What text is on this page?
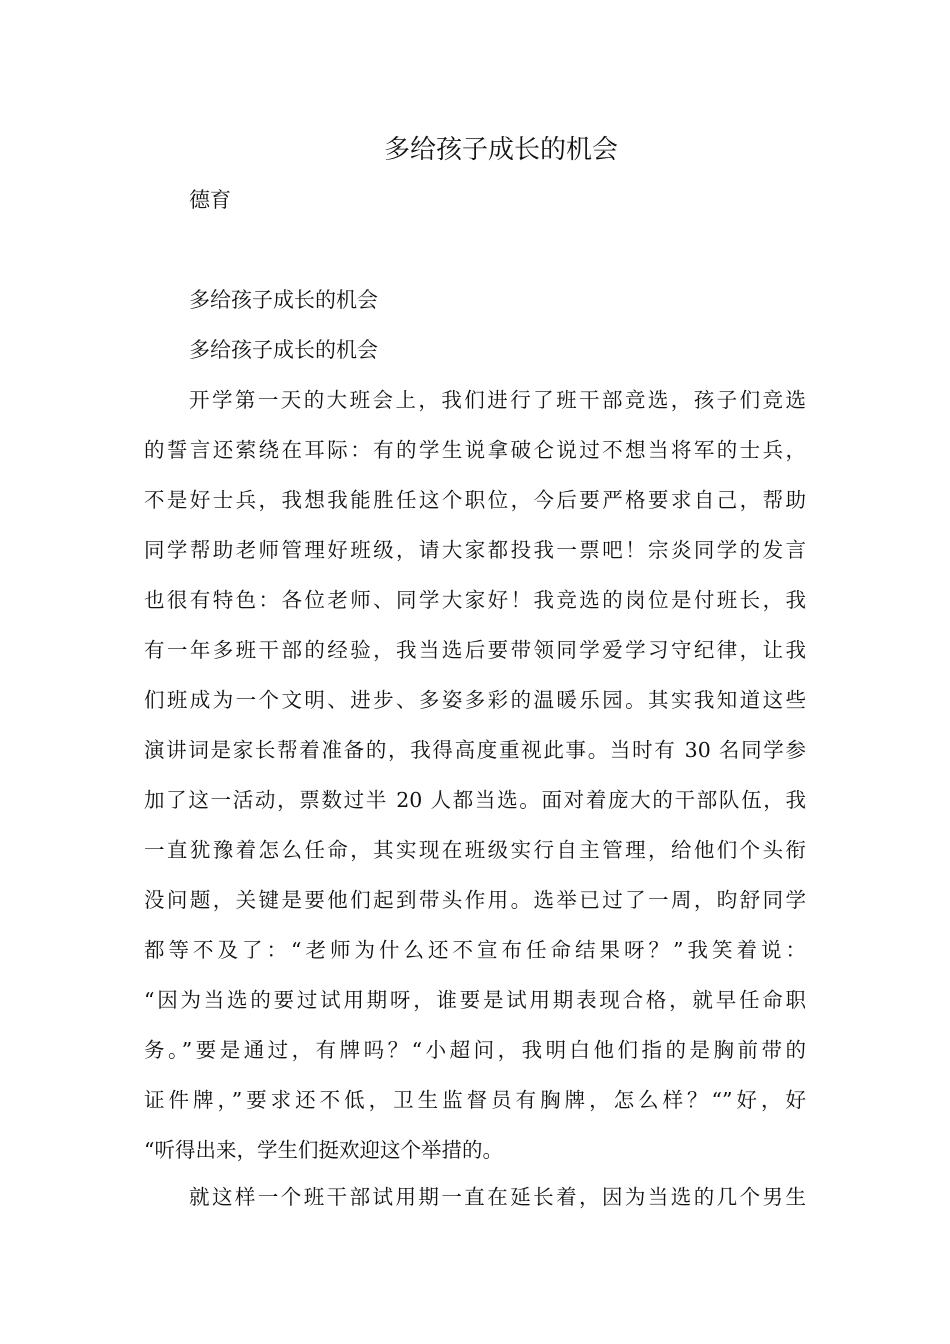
多给孩子成长的机会
德育
多给孩子成长的机会
多给孩子成长的机会
开学第一天的大班会上，我们进行了班干部竞选，孩子们竞选
的誓言还萦绕在耳际：有的学生说拿破仑说过不想当将军的士兵，
不是好士兵，我想我能胜任这个职位，今后要严格要求自己，帮助
同学帮助老师管理好班级，请大家都投我一票吧！宗炎同学的发言
也很有特色：各位老师、同学大家好！我竞选的岗位是付班长，我
有一年多班干部的经验，我当选后要带领同学爱学习守纪律，让我
们班成为一个文明、进步、多姿多彩的温暖乐园。其实我知道这些
演讲词是家长帮着准备的，我得高度重视此事。当时有 30 名同学参
加了这一活动，票数过半 20 人都当选。面对着庞大的干部队伍，我
一直犹豫着怎么任命，其实现在班级实行自主管理，给他们个头衔
没问题，关键是要他们起到带头作用。选举已过了一周，昀舒同学
都等不及了：“老师为什么还不宣布任命结果呀？”我笑着说：
“因为当选的要过试用期呀，谁要是试用期表现合格，就早任命职
务。”要是通过，有牌吗？“小超问，我明白他们指的是胸前带的
证件牌，”要求还不低，卫生监督员有胸牌，怎么样？“”好，好
“听得出来，学生们挺欢迎这个举措的。
就这样一个班干部试用期一直在延长着，因为当选的几个男生
